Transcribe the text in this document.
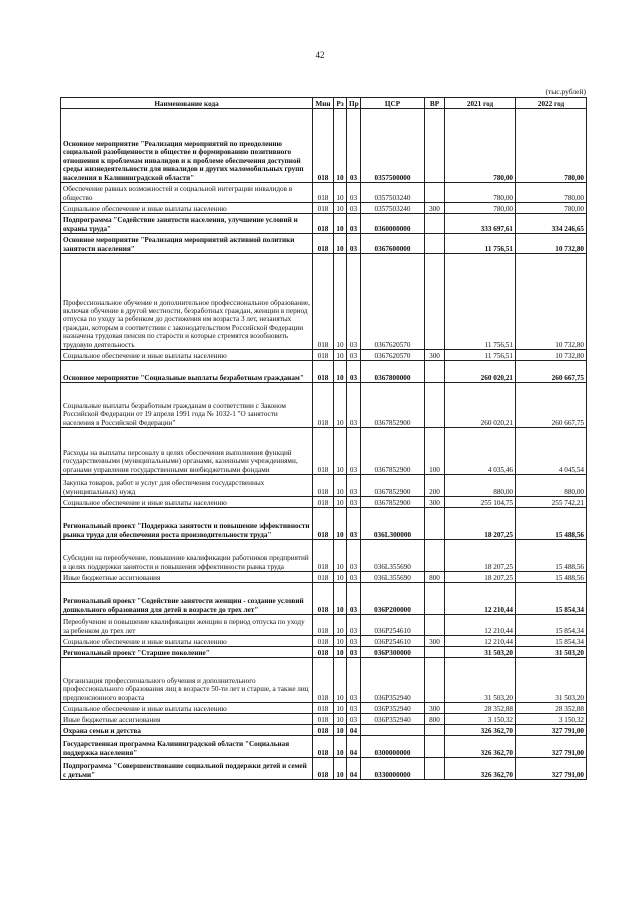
42
(тыс.рублей)
Наименование кода	Мин	Рз	Пр	ЦСР	ВР	2021 год	2022 год
Основное мероприятие "Реализация мероприятий по преодолению социальной разобщенности в обществе и формированию позитивного отношения к проблемам инвалидов и к проблеме обеспечения доступной среды жизнедеятельности для инвалидов и других маломобильных групп населения в Калининградской области"	018	10	03	0357500000		780,00	780,00
Обеспечение равных возможностей и социальной интеграции инвалидов в общество	018	10	03	0357503240		780,00	780,00
Социальное обеспечение и иные выплаты населению	018	10	03	0357503240	300	780,00	780,00
Подпрограмма "Содействие занятости населения, улучшение условий и охраны труда"	018	10	03	0360000000		333 697,61	334 246,65
Основное мероприятие "Реализация мероприятий активной политики занятости населения"	018	10	03	0367600000		11 756,51	10 732,80
Профессиональное обучение и дополнительное профессиональное образование, включая обучение в другой местности, безработных граждан, женщин в период отпуска по уходу за ребенком до достижения им возраста 3 лет, незанятых граждан, которым в соответствии с законодательством Российской Федерации назначена трудовая пенсия по старости и которые стремятся возобновить трудовую деятельность	018	10	03	0367620570		11 756,51	10 732,80
Социальное обеспечение и иные выплаты населению	018	10	03	0367620570	300	11 756,51	10 732,80
Основное мероприятие "Социальные выплаты безработным гражданам"	018	10	03	0367800000		260 020,21	260 667,75
Социальные выплаты безработным гражданам в соответствии с Законом Российской Федерации от 19 апреля 1991 года № 1032-1 "О занятости населения в Российской Федерации"	018	10	03	0367852900		260 020,21	260 667,75
Расходы на выплаты персоналу в целях обеспечения выполнения функций государственными (муниципальными) органами, казенными учреждениями, органами управления государственными внебюджетными фондами	018	10	03	0367852900	100	4 035,46	4 045,54
Закупка товаров, работ и услуг для обеспечения государственных (муниципальных) нужд	018	10	03	0367852900	200	880,00	880,00
Социальное обеспечение и иные выплаты населению	018	10	03	0367852900	300	255 104,75	255 742,21
Региональный проект "Поддержка занятости и повышение эффективности рынка труда для обеспечения роста производительности труда"	018	10	03	036L300000		18 207,25	15 488,56
Субсидии на переобучение, повышение квалификации работников предприятий в целях поддержки занятости и повышения эффективности рынка труда	018	10	03	036L355690		18 207,25	15 488,56
Иные бюджетные ассигнования	018	10	03	036L355690	800	18 207,25	15 488,56
Региональный проект "Содействие занятости женщин - создание условий дошкольного образования для детей в возрасте до трех лет"	018	10	03	036P200000		12 210,44	15 854,34
Переобучение и повышение квалификации женщин в период отпуска по уходу за ребенком до трех лет	018	10	03	036P254610		12 210,44	15 854,34
Социальное обеспечение и иные выплаты населению	018	10	03	036P254610	300	12 210,44	15 854,34
Региональный проект "Старшее поколение"	018	10	03	036P300000		31 503,20	31 503,20
Организация профессионального обучения и дополнительного профессионального образования лиц в возрасте 50-ти лет и старше, а также лиц предпенсионного возраста	018	10	03	036P352940		31 503,20	31 503,20
Социальное обеспечение и иные выплаты населению	018	10	03	036P352940	300	28 352,88	28 352,88
Иные бюджетные ассигнования	018	10	03	036P352940	800	3 150,32	3 150,32
Охрана семьи и детства	018	10	04			326 362,70	327 791,00
Государственная программа Калининградской области "Социальная поддержка населения"	018	10	04	0300000000		326 362,70	327 791,00
Подпрограмма "Совершенствование социальной поддержки детей и семей с детьми"	018	10	04	0330000000		326 362,70	327 791,00
